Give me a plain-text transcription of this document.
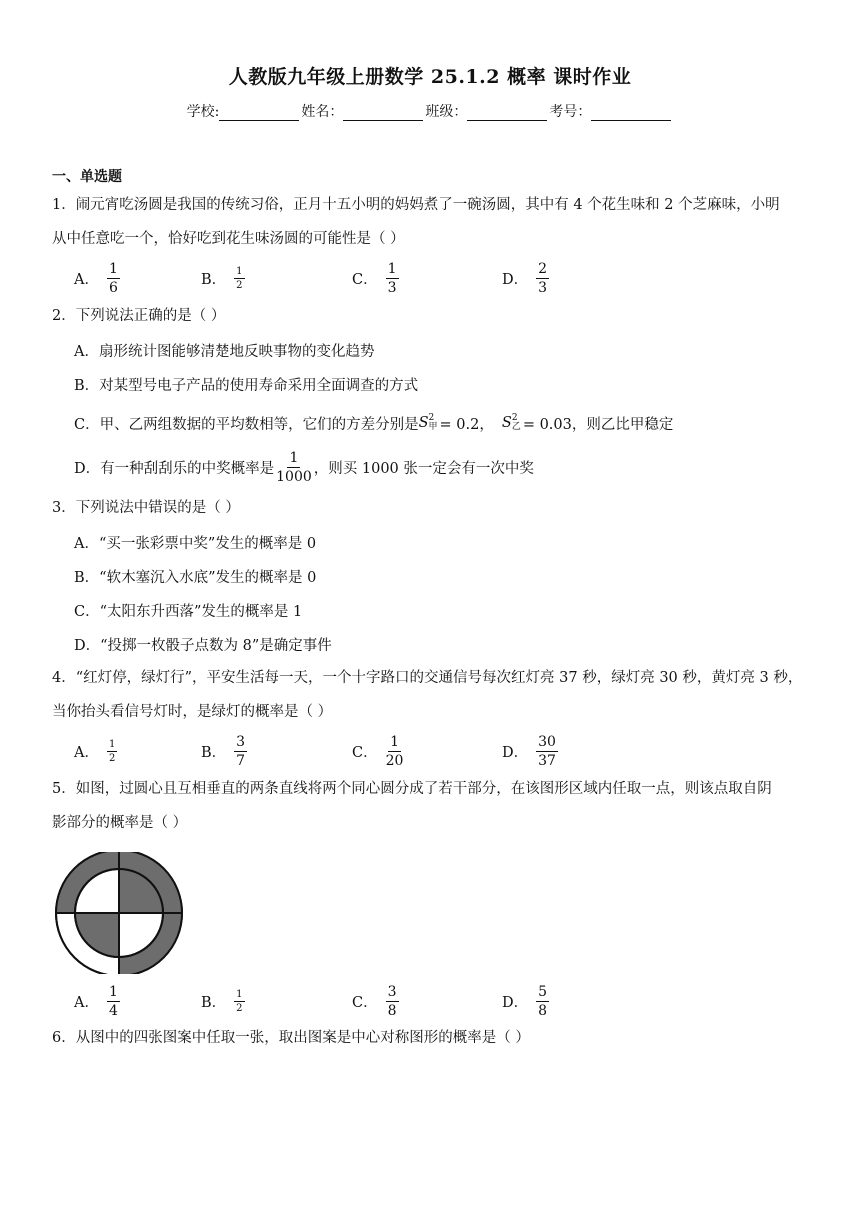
人教版九年级上册数学 25.1.2 概率 课时作业
学校:	姓名：	班级：	考号：
一、单选题
1．闹元宵吃汤圆是我国的传统习俗，正月十五小明的妈妈煮了一碗汤圆，其中有 4 个花生味和 2 个芝麻味，小明
从中任意吃一个，恰好吃到花生味汤圆的可能性是（ ）
A． $\frac{1}{6}$	B． $\frac{1}{2}$	C． $\frac{1}{3}$	D． $\frac{2}{3}$
2．下列说法正确的是（ ）
A．扇形统计图能够清楚地反映事物的变化趋势
B．对某型号电子产品的使用寿命采用全面调查的方式
C．甲、乙两组数据的平均数相等，它们的方差分别是 S 2
甲 = 0.2， S 2
乙 = 0.03，则乙比甲稳定
D．有一种刮刮乐的中奖概率是 $\frac{1}{1000}$ ，则买 1000 张一定会有一次中奖
3．下列说法中错误的是（ ）
A．“买一张彩票中奖”发生的概率是 0
B．“软木塞沉入水底”发生的概率是 0
C．“太阳东升西落”发生的概率是 1
D．“投掷一枚骰子点数为 8”是确定事件
4．“红灯停，绿灯行”，平安生活每一天，一个十字路口的交通信号每次红灯亮 37 秒，绿灯亮 30 秒，黄灯亮 3 秒，
当你抬头看信号灯时，是绿灯的概率是（ ）
A． $\frac{1}{2}$	B． $\frac{3}{7}$	C． $\frac{1}{20}$	D． $\frac{30}{37}$
5．如图，过圆心且互相垂直的两条直线将两个同心圆分成了若干部分，在该图形区域内任取一点，则该点取自阴
影部分的概率是（ ）
A． $\frac{1}{4}$	B． $\frac{1}{2}$	C． $\frac{3}{8}$	D． $\frac{5}{8}$
6．从图中的四张图案中任取一张，取出图案是中心对称图形的概率是（ ）
